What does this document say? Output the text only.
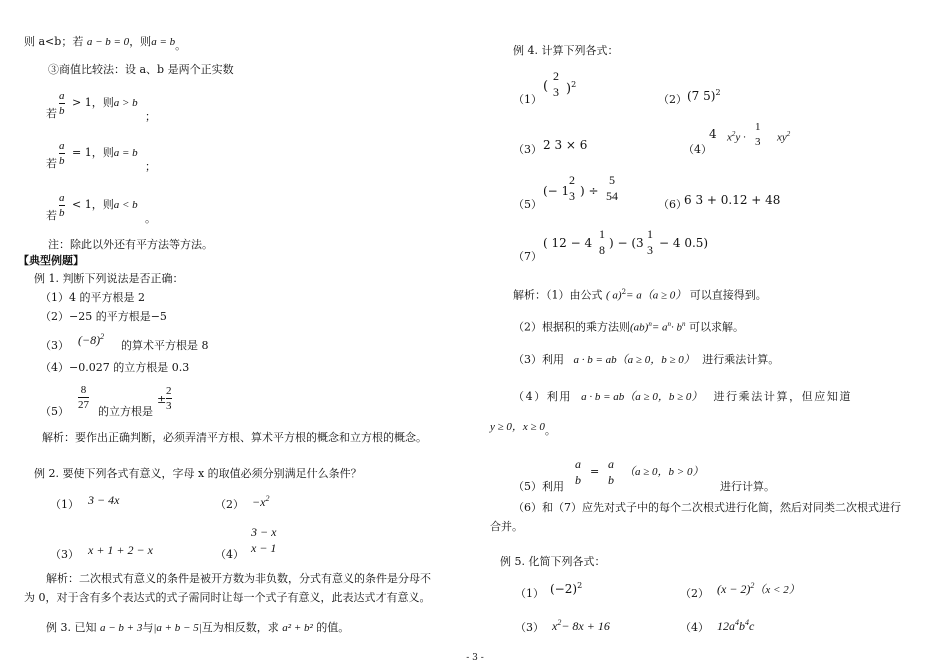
则 a<b；若 a − b = 0，则a = b。
③商值比较法：设 a、b 是两个正实数
a
b
若
> 1，则a > b
；
a
b
若
= 1，则a = b
；
a
b
若
< 1，则a < b
。
注：除此以外还有平方法等方法。
【典型例题】
例 1. 判断下列说法是否正确：
（1）4 的平方根是 2
（2）−25 的平方根是−5
（3） $(-8)^2$
的算术平方根是 8
（4）−0.027 的立方根是 0.3
（5）
8
27 的立方根是
±
2
3
解析：要作出正确判断，必须弄清平方根、算术平方根的概念和立方根的概念。
例 2. 要使下列各式有意义，字母 x 的取值必须分别满足什么条件？
（1） 3 − 4x	$(2) -x^2$
（3） x + 1 + 2 − x	（4）
3 − x
x − 1
解析：二次根式有意义的条件是被开方数为非负数，分式有意义的条件是分母不
为 0，对于含有多个表达式的式子需同时让每一个式子有意义，此表达式才有意义。
例 3. 已知 a − b + 3与|a + b − 5|互为相反数，求 a² + b² 的值。
例 4. 计算下列各式：
（1）
(
2
3 )$^2$
（2） (7 5)$^2$
（3） 2 3 × 6	（4）
4 $x^2y$ ·
1
3 $xy^2$
（5）
(− 1
2
3 ) ÷
5
54
（6）
6 3 + 0.12 + 48
（7）
( 12 − 4
1
8
) − (3
1
3
− 4 0.5)
解析：（1）由公式 ( a)$^2$= a（a ≥ 0） 可以直接得到。
（2）根据积的乘方法则$(ab)^n= a^n\cdot b^n$ 可以求解。
（3）利用 a · b = ab（a ≥ 0，b ≥ 0） 进行乘法计算。
（4）利用 a · b = ab（a ≥ 0，b ≥ 0） 进行乘法计算，但应知道
y ≥ 0，x ≥ 0。
a
b
=
a
b
（a ≥ 0，b > 0）
（5）利用	进行计算。
（6）和（7）应先对式子中的每个二次根式进行化简，然后对同类二次根式进行
合并。
例 5. 化简下列各式：
（1） $(-2)^2$
（2） $(x - 2)^2(x < 2)$
（3） $x^2- 8x + 16$	（4） $12a^4b^4c$
- 3 -
